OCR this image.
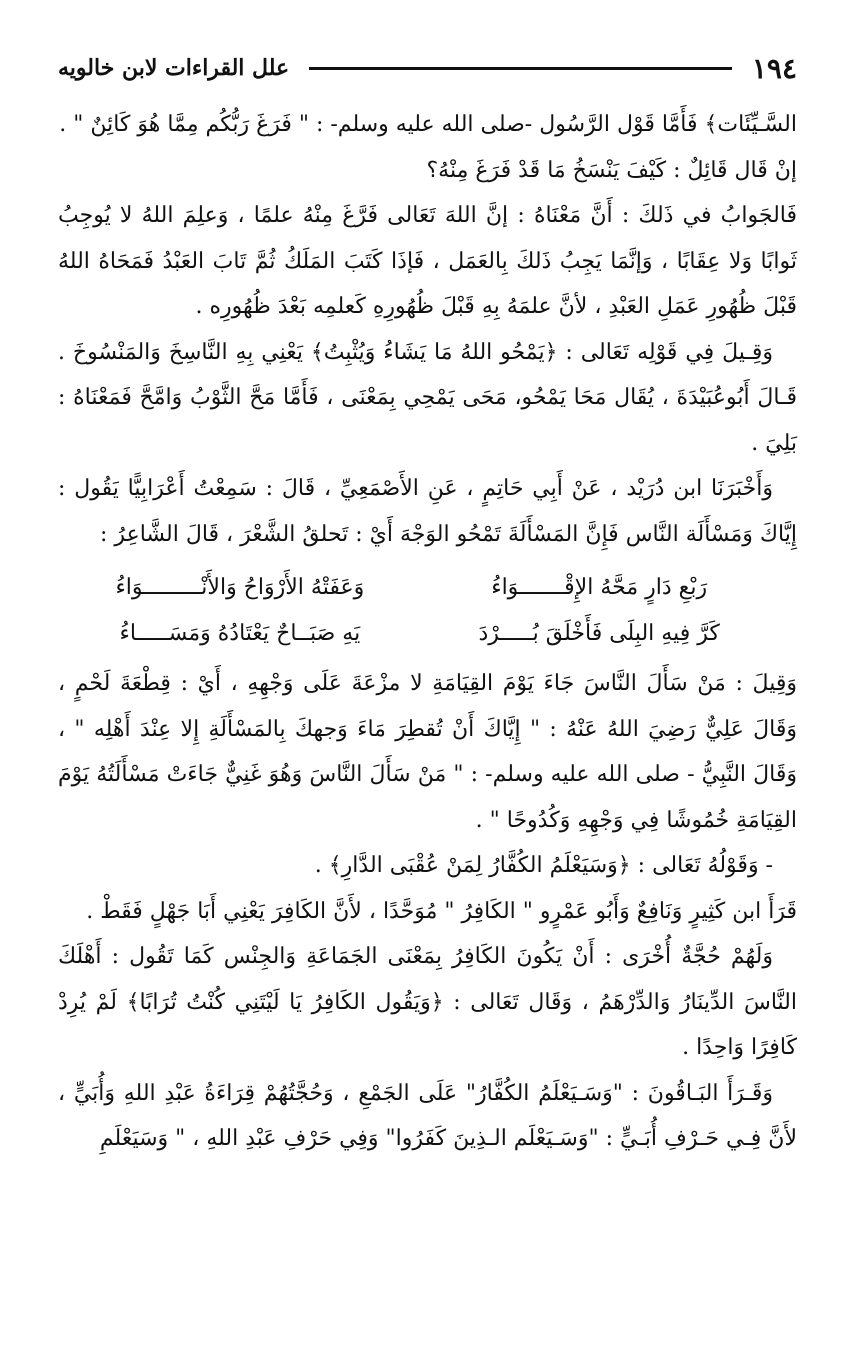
١٩٤
علل القراءات لابن خالويه

السَّـيِّئَات﴾ فَأَمَّا قَوْل الرَّسُول -صلى الله عليه وسلم- : " فَرَغَ رَبُّكُم مِمَّا هُوَ كَائِنٌ " .

إنْ قَال قَائِلٌ : كَيْفَ يَنْسَخُ مَا قَدْ فَرَغَ مِنْهُ؟

فَالجَوابُ في ذَلكَ : أَنَّ مَعْنَاهُ : إنَّ اللهَ تَعَالى فَرَّغَ مِنْهُ علمًا ، وَعلِمَ اللهُ لا يُوجِبُ ثَوابًا وَلا عِقَابًا ، وَإنَّمَا يَجِبُ ذَلكَ بِالعَمَل ، فَإذَا كَتَبَ المَلَكُ ثُمَّ تَابَ العَبْدُ فَمَحَاهُ اللهُ قَبْلَ ظُهُورِ عَمَلِ العَبْدِ ، لأنَّ علمَهُ بِهِ قَبْلَ ظُهُورِهِ كَعلمِه بَعْدَ ظُهُورِه .

وَقِـيلَ فِي قَوْلِه تَعَالى : ﴿يَمْحُو اللهُ مَا يَشَاءُ وَيُثْبِتُ﴾ يَعْنِي بِهِ النَّاسِخَ وَالمَنْسُوخَ . قَـالَ أَبُوعُبَيْدَةَ ، يُقَال مَحَا يَمْحُو، مَحَى يَمْحِي بِمَعْنَى ، فَأَمَّا مَحَّ الثَّوْبُ وَامَّحَّ فَمَعْنَاهُ : بَلِيَ .

وَأَخْبَرَنَا ابن دُرَيْد ، عَنْ أَبِي حَاتِمٍ ، عَنِ الأَصْمَعِيِّ ، قَالَ : سَمِعْتُ أَعْرَابِيًّا يَقُول : إِيَّاكَ وَمَسْأَلَة النَّاس فَإِنَّ المَسْأَلَةَ تَمْحُو الوَجْهَ أَيْ : تَحلقُ الشَّعْرَ ، قَالَ الشَّاعِرُ :

رَبْعِ دَارٍ مَحَّهُ الإِقْـــــــوَاءُ
وَعَفَتْهُ الأَرْوَاحُ وَالأَنْـــــــــوَاءُ
كَرَّ فِيهِ البِلَى فَأَخْلَقَ بُـــــرْدَ
يَهِ صَبَــاحٌ يَعْتَادُهُ وَمَسَـــــاءُ

وَقِيلَ : مَنْ سَأَلَ النَّاسَ جَاءَ يَوْمَ القِيَامَةِ لا مزْعَةَ عَلَى وَجْهِهِ ، أَيْ : قِطْعَةَ لَحْمٍ ، وَقَالَ عَلِيٌّ رَضِيَ اللهُ عَنْهُ : " إِيَّاكَ أَنْ تُقطِرَ مَاءَ وَجهكَ بِالمَسْأَلَةِ إِلا عِنْدَ أَهْلِه " ، وَقَالَ النَّبِيُّ - صلى الله عليه وسلم- : " مَنْ سَأَلَ النَّاسَ وَهُوَ غَنِيٌّ جَاءَتْ مَسْأَلَتُهُ يَوْمَ القِيَامَةِ خُمُوشًا فِي وَجْهِهِ وَكُدُوحًا " .

- وَقَوْلُهُ تَعَالى : ﴿وَسَيَعْلَمُ الكُفَّارُ لِمَنْ عُقْبَى الدَّارِ﴾ .

قَرَأَ ابن كَثِيرٍ وَنَافِعٌ وَأَبُو عَمْرٍو " الكَافِرُ " مُوَحَّدًا ، لأَنَّ الكَافِرَ يَعْنِي أَبَا جَهْلٍ فَقَطْ .

وَلَهُمْ حُجَّةٌ أُخْرَى : أَنْ يَكُونَ الكَافِرُ بِمَعْنَى الجَمَاعَةِ وَالجِنْس كَمَا تَقُول : أَهْلَكَ النَّاسَ الدِّينَارُ وَالدِّرْهَمُ ، وَقَال تَعَالى : ﴿وَيَقُول الكَافِرُ يَا لَيْتَنِي كُنْتُ تُرَابًا﴾ لَمْ يُرِدْ كَافِرًا وَاحِدًا .

وَقَـرَأَ البَـاقُونَ : "وَسَـيَعْلَمُ الكُفَّارُ" عَلَى الجَمْعِ ، وَحُجَّتُهُمْ قِرَاءَةُ عَبْدِ اللهِ وَأُبَيٍّ ، لأَنَّ فِـي حَـرْفِ أُبَـيٍّ : "وَسَـيَعْلَم الـذِينَ كَفَرُوا" وَفِي حَرْفِ عَبْدِ اللهِ ، " وَسَيَعْلَمِ
